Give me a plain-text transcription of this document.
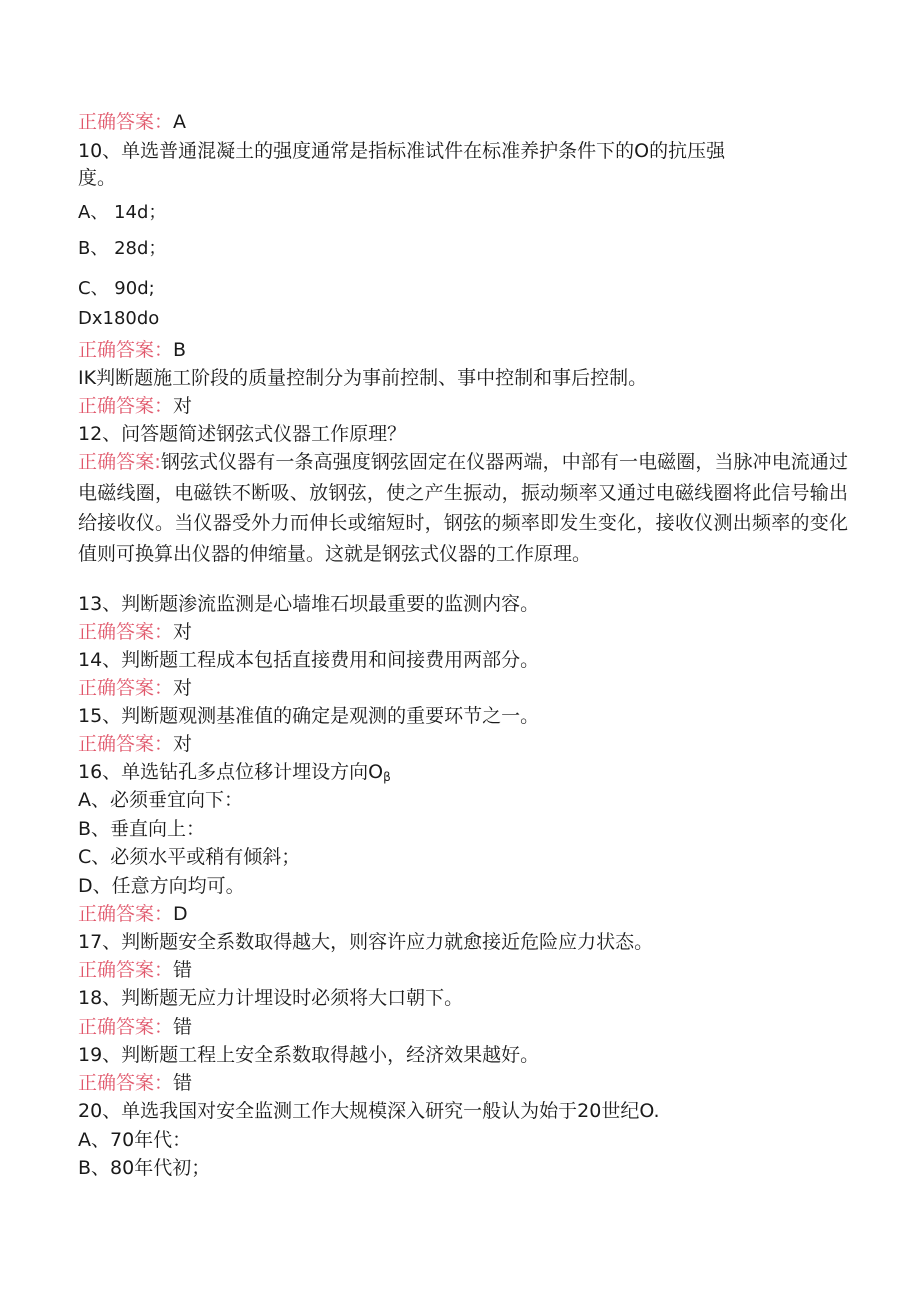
正确答案：A

10、单选普通混凝土的强度通常是指标准试件在标准养护条件下的O的抗压强

度。

A、 14d；

B、 28d；

C、 90d;

Dx180do

正确答案：B

IK判断题施工阶段的质量控制分为事前控制、事中控制和事后控制。

正确答案：对

12、问答题简述钢弦式仪器工作原理？

正确答案:钢弦式仪器有一条高强度钢弦固定在仪器两端，中部有一电磁圈，当脉冲电流通过电磁线圈，电磁铁不断吸、放钢弦，使之产生振动，振动频率又通过电磁线圈将此信号输出给接收仪。当仪器受外力而伸长或缩短时，钢弦的频率即发生变化，接收仪测出频率的变化值则可换算出仪器的伸缩量。这就是钢弦式仪器的工作原理。

13、判断题渗流监测是心墙堆石坝最重要的监测内容。

正确答案：对

14、判断题工程成本包括直接费用和间接费用两部分。

正确答案：对

15、判断题观测基准值的确定是观测的重要环节之一。

正确答案：对

16、单选钻孔多点位移计埋设方向$O_\beta$

A、必须垂宜向下：

B、垂直向上：

C、必须水平或稍有倾斜；

D、任意方向均可。

正确答案：D

17、判断题安全系数取得越大，则容许应力就愈接近危险应力状态。

正确答案：错

18、判断题无应力计埋设时必须将大口朝下。

正确答案：错

19、判断题工程上安全系数取得越小，经济效果越好。

正确答案：错

20、单选我国对安全监测工作大规模深入研究一般认为始于20世纪O.

A、70年代：

B、80年代初；
